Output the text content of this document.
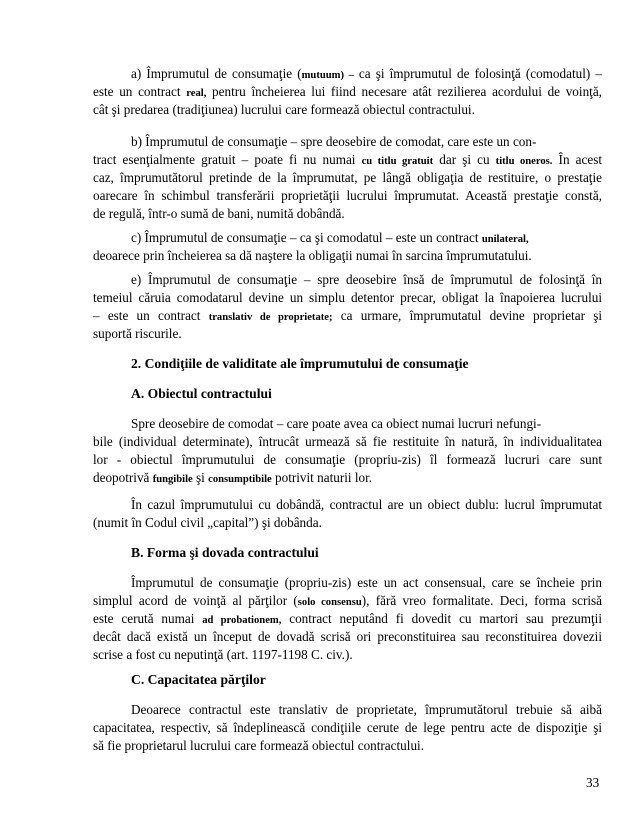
a) Împrumutul de consumaţie (mutuum) – ca şi împrumutul de folosinţă (comodatul) –
este un contract real, pentru încheierea lui fiind necesare atât rezilierea acordului de voinţă,
cât şi predarea (tradiţiunea) lucrului care formează obiectul contractului.
b) Împrumutul de consumaţie – spre deosebire de comodat, care este un con-
tract esenţialmente gratuit – poate fi nu numai cu titlu gratuit dar şi cu titlu oneros. În acest
caz, împrumutătorul pretinde de la împrumutat, pe lângă obligaţia de restituire, o prestaţie
oarecare în schimbul transferării proprietăţii lucrului împrumutat. Această prestaţie constă,
de regulă, într-o sumă de bani, numită dobândă.
c) Împrumutul de consumaţie – ca şi comodatul – este un contract unilateral,
deoarece prin încheierea sa dă naştere la obligaţii numai în sarcina împrumutatului.
e) Împrumutul de consumaţie – spre deosebire însă de împrumutul de folosinţă în
temeiul căruia comodatarul devine un simplu detentor precar, obligat la înapoierea lucrului
– este un contract translativ de proprietate; ca urmare, împrumutatul devine proprietar şi
suportă riscurile.
2. Condiţiile de validitate ale împrumutului de consumaţie
A. Obiectul contractului
Spre deosebire de comodat – care poate avea ca obiect numai lucruri nefungi-
bile (individual determinate), întrucât urmează să fie restituite în natură, în individualitatea
lor - obiectul împrumutului de consumaţie (propriu-zis) îl formează lucruri care sunt
deopotrivă fungibile şi consumptibile potrivit naturii lor.
În cazul împrumutului cu dobândă, contractul are un obiect dublu: lucrul împrumutat
(numit în Codul civil „capital”) şi dobânda.
B. Forma şi dovada contractului
Împrumutul de consumaţie (propriu-zis) este un act consensual, care se încheie prin
simplul acord de voinţă al părţilor (solo consensu), fără vreo formalitate. Deci, forma scrisă
este cerută numai ad probationem, contract neputând fi dovedit cu martori sau prezumţii
decât dacă există un început de dovadă scrisă ori preconstituirea sau reconstituirea dovezii
scrise a fost cu neputinţă (art. 1197-1198 C. civ.).
C. Capacitatea părţilor
Deoarece contractul este translativ de proprietate, împrumutătorul trebuie să aibă
capacitatea, respectiv, să îndeplinească condiţiile cerute de lege pentru acte de dispoziţie şi
să fie proprietarul lucrului care formează obiectul contractului.
33
